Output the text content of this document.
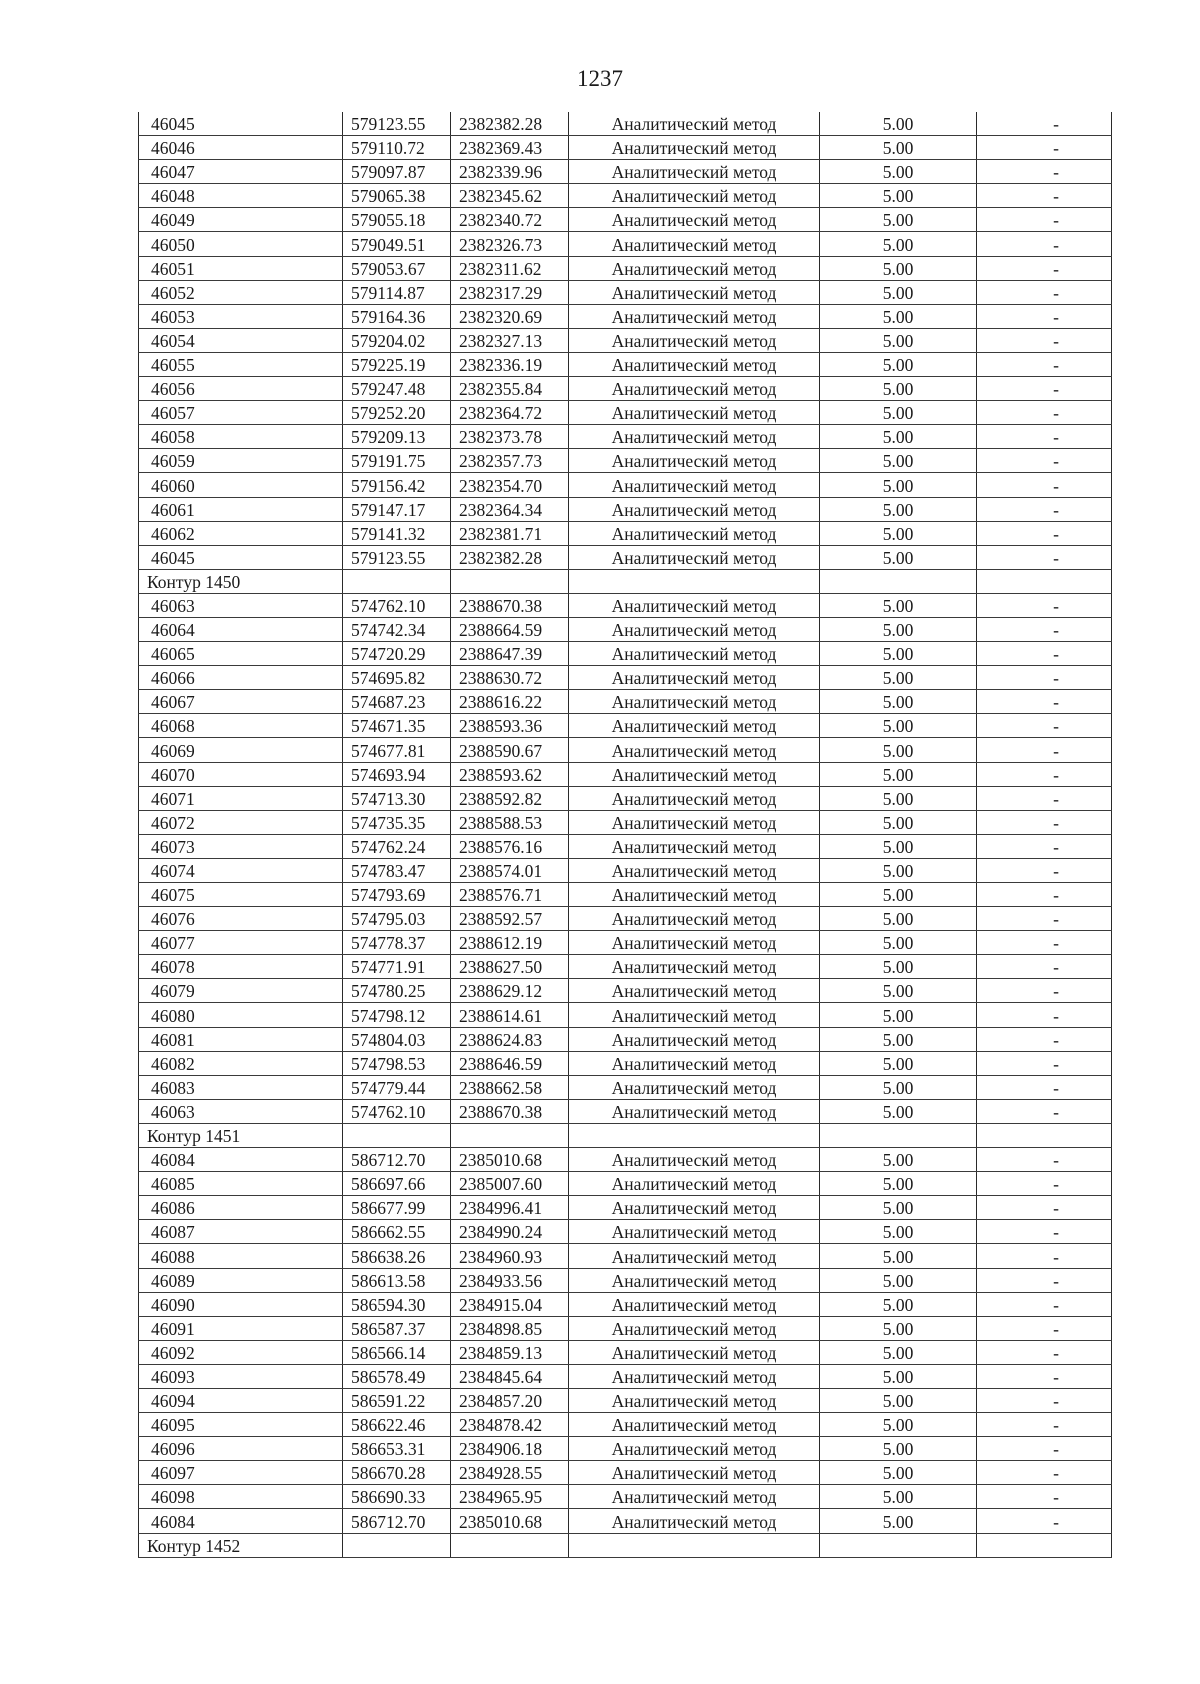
1237
46045	579123.55	2382382.28	Аналитический метод	5.00	-
46046	579110.72	2382369.43	Аналитический метод	5.00	-
46047	579097.87	2382339.96	Аналитический метод	5.00	-
46048	579065.38	2382345.62	Аналитический метод	5.00	-
46049	579055.18	2382340.72	Аналитический метод	5.00	-
46050	579049.51	2382326.73	Аналитический метод	5.00	-
46051	579053.67	2382311.62	Аналитический метод	5.00	-
46052	579114.87	2382317.29	Аналитический метод	5.00	-
46053	579164.36	2382320.69	Аналитический метод	5.00	-
46054	579204.02	2382327.13	Аналитический метод	5.00	-
46055	579225.19	2382336.19	Аналитический метод	5.00	-
46056	579247.48	2382355.84	Аналитический метод	5.00	-
46057	579252.20	2382364.72	Аналитический метод	5.00	-
46058	579209.13	2382373.78	Аналитический метод	5.00	-
46059	579191.75	2382357.73	Аналитический метод	5.00	-
46060	579156.42	2382354.70	Аналитический метод	5.00	-
46061	579147.17	2382364.34	Аналитический метод	5.00	-
46062	579141.32	2382381.71	Аналитический метод	5.00	-
46045	579123.55	2382382.28	Аналитический метод	5.00	-
Контур 1450					
46063	574762.10	2388670.38	Аналитический метод	5.00	-
46064	574742.34	2388664.59	Аналитический метод	5.00	-
46065	574720.29	2388647.39	Аналитический метод	5.00	-
46066	574695.82	2388630.72	Аналитический метод	5.00	-
46067	574687.23	2388616.22	Аналитический метод	5.00	-
46068	574671.35	2388593.36	Аналитический метод	5.00	-
46069	574677.81	2388590.67	Аналитический метод	5.00	-
46070	574693.94	2388593.62	Аналитический метод	5.00	-
46071	574713.30	2388592.82	Аналитический метод	5.00	-
46072	574735.35	2388588.53	Аналитический метод	5.00	-
46073	574762.24	2388576.16	Аналитический метод	5.00	-
46074	574783.47	2388574.01	Аналитический метод	5.00	-
46075	574793.69	2388576.71	Аналитический метод	5.00	-
46076	574795.03	2388592.57	Аналитический метод	5.00	-
46077	574778.37	2388612.19	Аналитический метод	5.00	-
46078	574771.91	2388627.50	Аналитический метод	5.00	-
46079	574780.25	2388629.12	Аналитический метод	5.00	-
46080	574798.12	2388614.61	Аналитический метод	5.00	-
46081	574804.03	2388624.83	Аналитический метод	5.00	-
46082	574798.53	2388646.59	Аналитический метод	5.00	-
46083	574779.44	2388662.58	Аналитический метод	5.00	-
46063	574762.10	2388670.38	Аналитический метод	5.00	-
Контур 1451					
46084	586712.70	2385010.68	Аналитический метод	5.00	-
46085	586697.66	2385007.60	Аналитический метод	5.00	-
46086	586677.99	2384996.41	Аналитический метод	5.00	-
46087	586662.55	2384990.24	Аналитический метод	5.00	-
46088	586638.26	2384960.93	Аналитический метод	5.00	-
46089	586613.58	2384933.56	Аналитический метод	5.00	-
46090	586594.30	2384915.04	Аналитический метод	5.00	-
46091	586587.37	2384898.85	Аналитический метод	5.00	-
46092	586566.14	2384859.13	Аналитический метод	5.00	-
46093	586578.49	2384845.64	Аналитический метод	5.00	-
46094	586591.22	2384857.20	Аналитический метод	5.00	-
46095	586622.46	2384878.42	Аналитический метод	5.00	-
46096	586653.31	2384906.18	Аналитический метод	5.00	-
46097	586670.28	2384928.55	Аналитический метод	5.00	-
46098	586690.33	2384965.95	Аналитический метод	5.00	-
46084	586712.70	2385010.68	Аналитический метод	5.00	-
Контур 1452					
